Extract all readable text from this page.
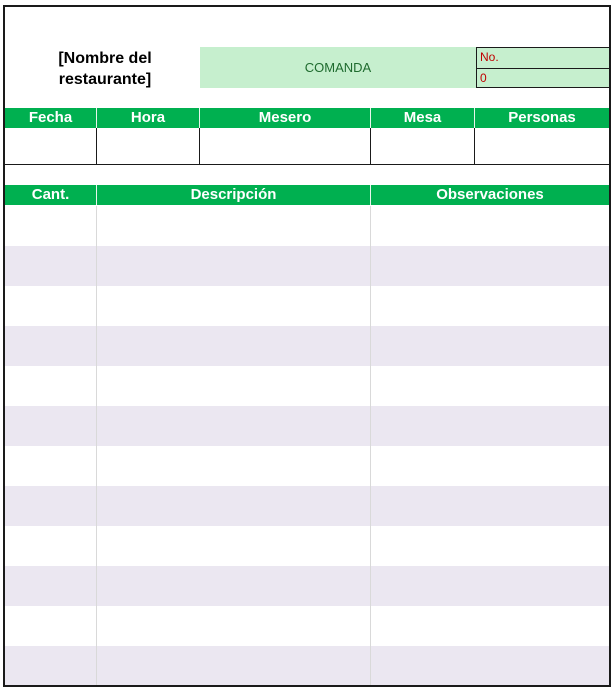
[Nombre del restaurante]
COMANDA
No.
0
Fecha	Hora	Mesero	Mesa	Personas
Cant.	Descripción	Observaciones
